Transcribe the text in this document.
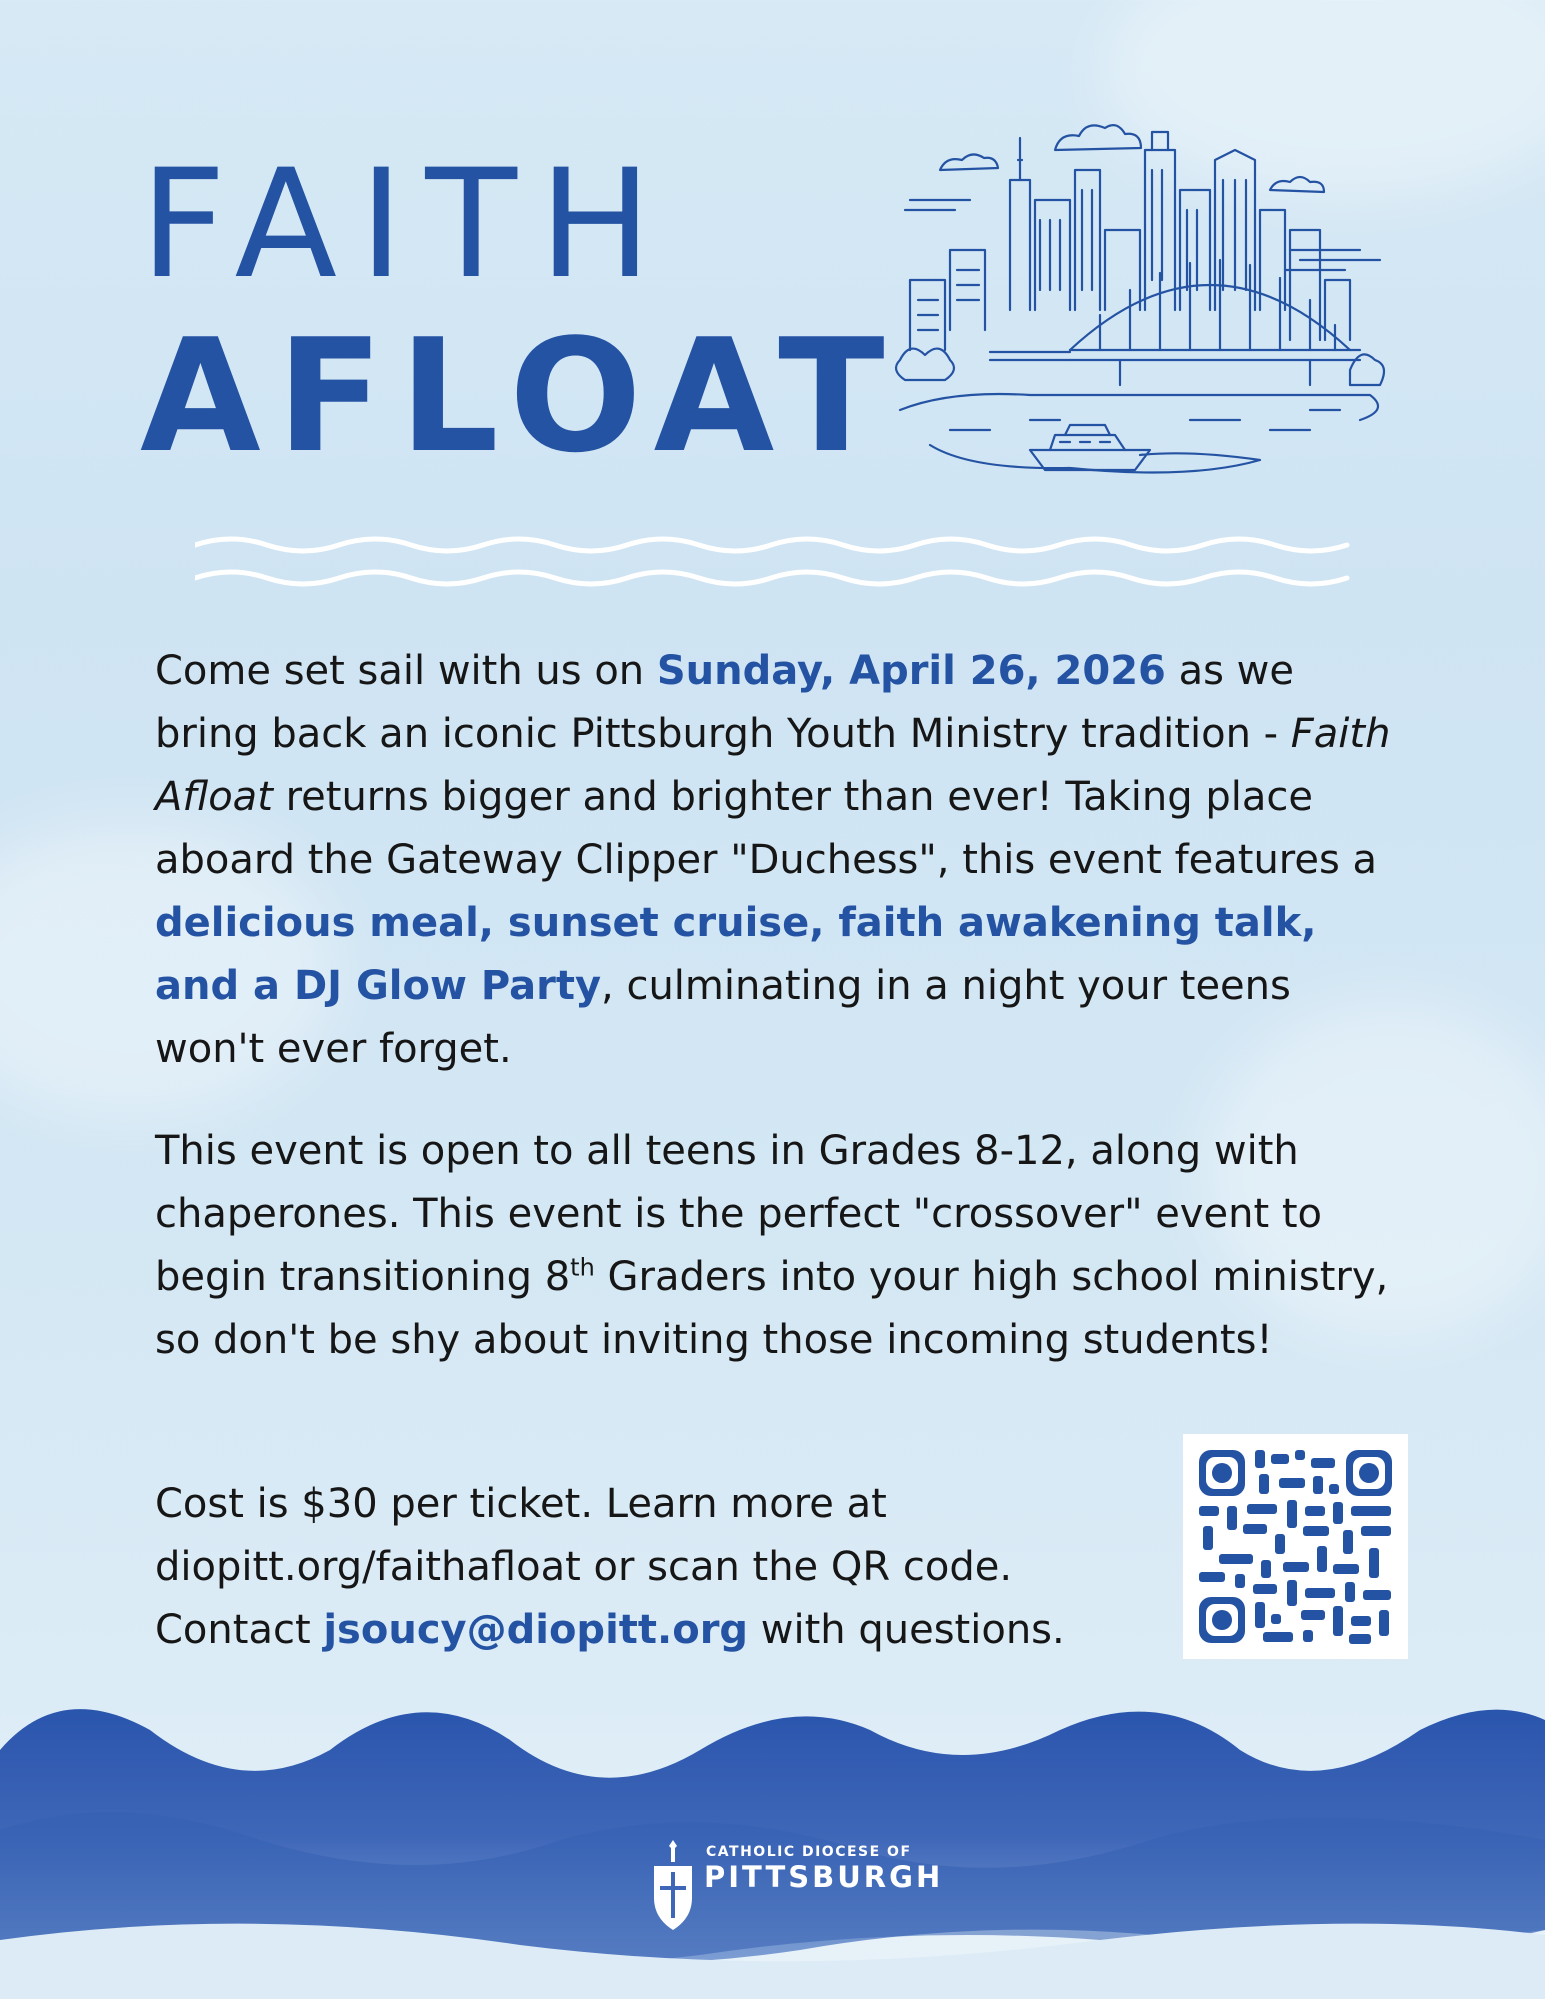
FAITH
AFLOAT

Come set sail with us on Sunday, April 26, 2026 as we bring back an iconic Pittsburgh Youth Ministry tradition - Faith Afloat returns bigger and brighter than ever! Taking place aboard the Gateway Clipper "Duchess", this event features a delicious meal, sunset cruise, faith awakening talk, and a DJ Glow Party, culminating in a night your teens won't ever forget.

This event is open to all teens in Grades 8-12, along with chaperones. This event is the perfect "crossover" event to begin transitioning 8th Graders into your high school ministry, so don't be shy about inviting those incoming students!

Cost is $30 per ticket. Learn more at

diopitt.org/faithafloat or scan the QR code.

Contact jsoucy@diopitt.org with questions.

CATHOLIC DIOCESE OF
PITTSBURGH
